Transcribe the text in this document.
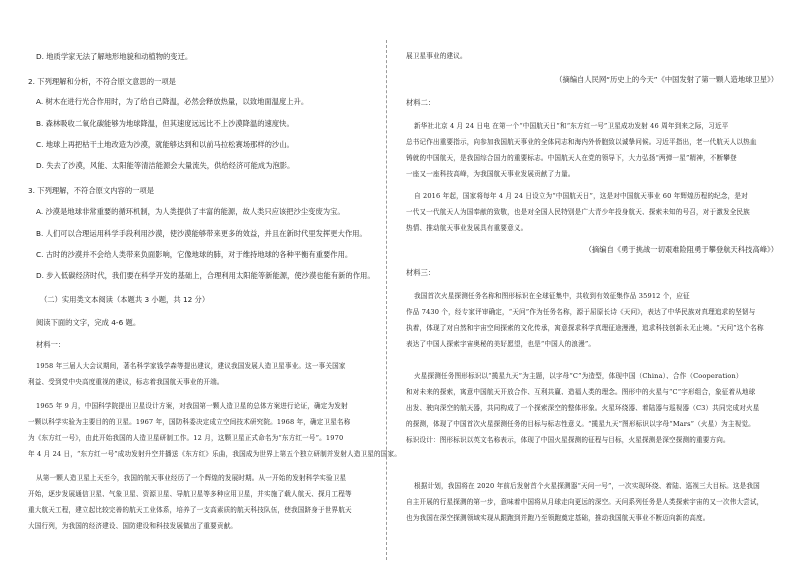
D. 地质学家无法了解地形地貌和动植物的变迁。
2. 下列理解和分析，不符合原文意思的一项是
A. 树木在进行光合作用时，为了给自己降温，必然会释放热量，以致地面温度上升。
B. 森林吸收二氧化碳能够为地球降温，但其速度远远比不上沙漠降温的速度快。
C. 地球上再把枯干土地改造为沙漠，就能够达到和以前马拉松赛场那样的沙山。
D. 失去了沙漠，风能、太阳能等清洁能源会大量流失，供给经济可能成为泡影。
3. 下列理解，不符合原文内容的一项是
A. 沙漠是地球非常重要的循环机制，为人类提供了丰富的能源，故人类只应该把沙尘变废为宝。
B. 人们可以合理运用科学手段利用沙漠，使沙漠能够带来更多的效益，并且在新时代里发挥更大作用。
C. 古时的沙漠并不会给人类带来负面影响，它像地球的肺，对于维持地球的各种平衡有重要作用。
D. 步入低碳经济时代，我们要在科学开发的基础上，合理利用太阳能等新能源，使沙漠也能有新的作用。
（二）实用类文本阅读（本题共 3 小题，共 12 分）
阅读下面的文字，完成 4-6 题。
材料一：
1958 年三届人大会议期间，著名科学家钱学森等提出建议，建议我国发展人造卫星事业。这一事关国家
利益、受到党中央高度重视的建议，标志着我国航天事业的开端。
1965 年 9 月，中国科学院提出卫星设计方案，对我国第一颗人造卫星的总体方案进行论证，确定为发射
一颗以科学实验为主要目的的卫星。1967 年，国防科委决定成立空间技术研究院。1968 年，确定卫星名称
为《东方红一号》，由此开始我国的人造卫星研制工作。12 月，这颗卫星正式命名为“东方红一号”。1970
年 4 月 24 日，“东方红一号”成功发射升空并播送《东方红》乐曲，我国成为世界上第五个独立研制并发射人造卫星的国家。
从第一颗人造卫星上天至今，我国的航天事业经历了一个辉煌的发展时期。从一开始的发射科学实验卫星
开始，逐步发展通信卫星、气象卫星、资源卫星、导航卫星等多种应用卫星，并实施了载人航天、探月工程等
重大航天工程，建立起比较完善的航天工业体系，培养了一支高素质的航天科技队伍，使我国跻身于世界航天
大国行列，为我国的经济建设、国防建设和科技发展做出了重要贡献。
（摘编自人民网“历史上的今天”《中国发射了第一颗人造地球卫星》）
材料二：
（摘编自《勇于挑战一切艰难险阻勇于攀登航天科技高峰》）
材料三：
展卫星事业的建议。
新华社北京 4 月 24 日电 在第一个“中国航天日”和“东方红一号”卫星成功发射 46 周年到来之际，习近平
总书记作出重要指示，向参加我国航天事业的全体同志和海内外侨胞致以诚挚问候。习近平指出，老一代航天人以热血
铸就的中国航天，是我国综合国力的重要标志。中国航天人在党的领导下，大力弘扬“两弹一星”精神，不断攀登
一座又一座科技高峰，为我国航天事业发展贡献了力量。
自 2016 年起，国家将每年 4 月 24 日设立为“中国航天日”，这是对中国航天事业 60 年辉煌历程的纪念，是对
一代又一代航天人为国奉献的致敬，也是对全国人民特别是广大青少年投身航天、探索未知的号召，对于激发全民族
热情、推动航天事业发展具有重要意义。
我国首次火星探测任务名称和图形标识在全球征集中，共收到有效征集作品 35912 个，应征
作品 7430 个，经专家评审确定，“天问”作为任务名称，源于屈原长诗《天问》，表达了中华民族对真理追求的坚韧与
执着，体现了对自然和宇宙空间探索的文化传承，寓意探求科学真理征途漫漫，追求科技创新永无止境。“天问”这个名称
表达了中国人探索宇宙奥秘的美好愿望，也是“中国人的浪漫”。
火星探测任务图形标识以“揽星九天”为主题，以字母“C”为造型，体现中国（China）、合作（Cooperation）
和对未来的探索，寓意中国航天开放合作、互利共赢、造福人类的理念。图形中的火星与“C”字形组合，象征着从地球
出发、驶向深空的航天器，共同构成了一个探索深空的整体形象。火星环绕器、着陆器与巡视器（C3）共同完成对火星
的探测，体现了中国首次火星探测任务的目标与标志性意义。“揽星九天”图形标识以字母“Mars”（火星）为主视觉。
标识设计：图形标识以英文名称表示，体现了中国火星探测的征程与目标，火星探测是深空探测的重要方向。
根据计划，我国将在 2020 年前后发射首个火星探测器“天问一号”，一次实现环绕、着陆、巡视三大目标。这是我国
自主开展的行星探测的第一步，意味着中国将从月球走向更远的深空。天问系列任务是人类探索宇宙的又一次伟大尝试，
也为我国在深空探测领域实现从跟跑到并跑乃至领跑奠定基础，推动我国航天事业不断迈向新的高度。
